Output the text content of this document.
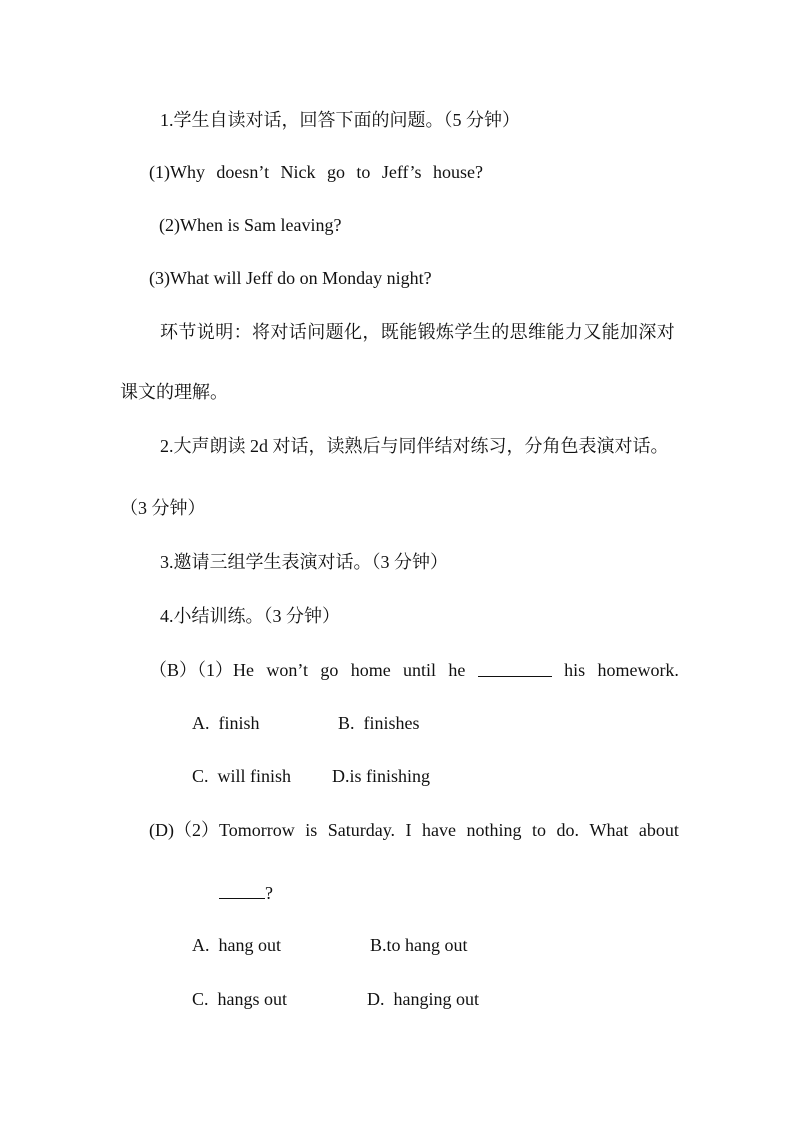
1.学生自读对话，回答下面的问题。（5 分钟）
(1)Why doesn’t Nick go to Jeff’s house?
(2)When is Sam leaving?
(3)What will Jeff do on Monday night?
环节说明：将对话问题化，既能锻炼学生的思维能力又能加深对
课文的理解。
2.大声朗读 2d 对话，读熟后与同伴结对练习，分角色表演对话。
（3 分钟）
3.邀请三组学生表演对话。（3 分钟）
4.小结训练。（3 分钟）
（B）（1）He won’t go home until he	his homework.
A.  finish	B.  finishes
C.  will finish D.is finishing
(D)（2）Tomorrow is Saturday. I have nothing to do. What about
?
A.  hang out	B.to hang out
C.  hangs out	D.  hanging out
